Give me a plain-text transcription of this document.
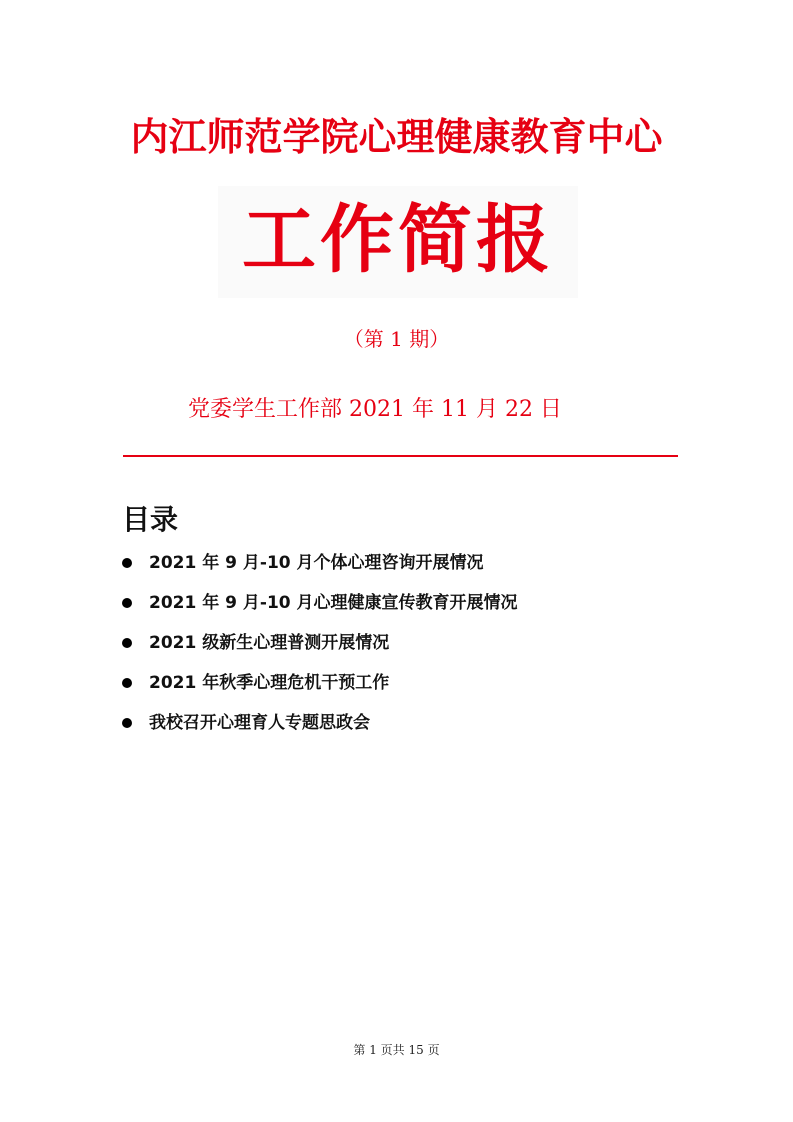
内江师范学院心理健康教育中心
工作简报
（第 1 期）
党委学生工作部 2021 年 11 月 22 日
目录
2021 年 9 月-10 月个体心理咨询开展情况
2021 年 9 月-10 月心理健康宣传教育开展情况
2021 级新生心理普测开展情况
2021 年秋季心理危机干预工作
我校召开心理育人专题思政会
第 1 页共 15 页
